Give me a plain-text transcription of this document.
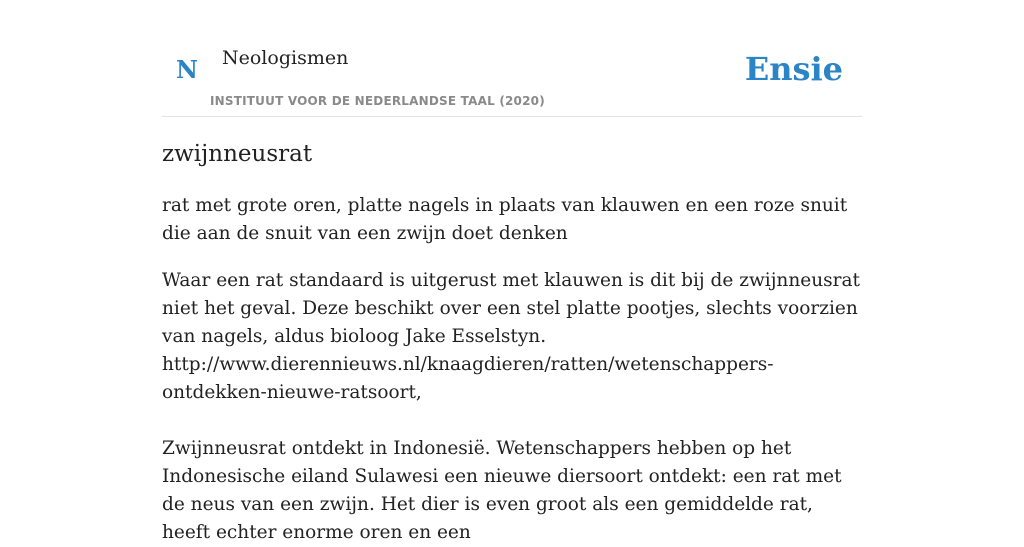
N Neologismen
INSTITUUT VOOR DE NEDERLANDSE TAAL (2020)
Ensie
zwijnneusrat

rat met grote oren, platte nagels in plaats van klauwen en een roze snuit die aan de snuit van een zwijn doet denken

Waar een rat standaard is uitgerust met klauwen is dit bij de zwijnneusrat niet het geval. Deze beschikt over een stel platte pootjes, slechts voorzien van nagels, aldus bioloog Jake Esselstyn.

http://www.dierennieuws.nl/knaagdieren/ratten/wetenschappers-ontdekken-nieuwe-ratsoort,

Zwijnneusrat ontdekt in Indonesië. Wetenschappers hebben op het Indonesische eiland Sulawesi een nieuwe diersoort ontdekt: een rat met de neus van een zwijn. Het dier is even groot als een gemiddelde rat, heeft echter enorme oren en een
